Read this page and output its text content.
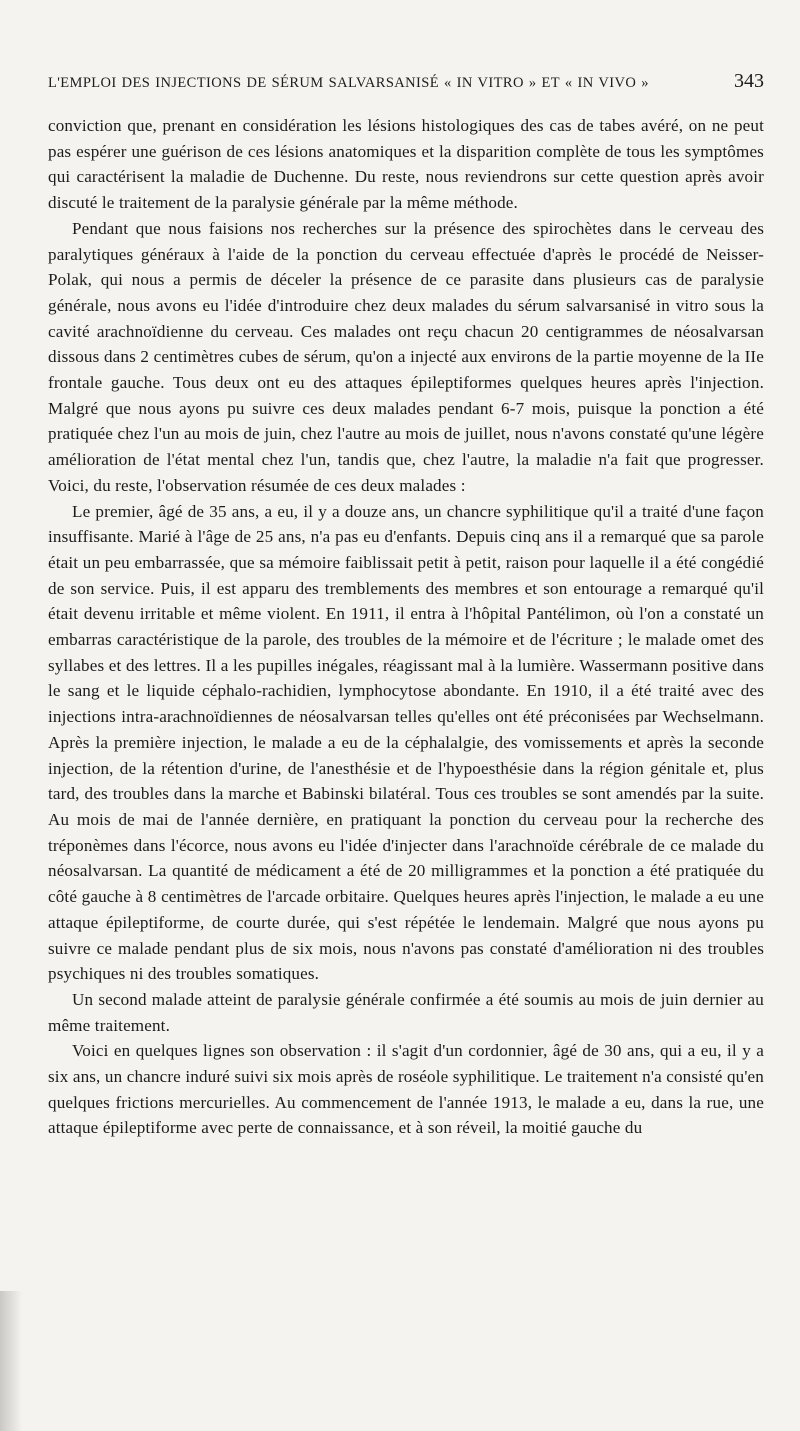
L'EMPLOI DES INJECTIONS DE SÉRUM SALVARSANISÉ « IN VITRO » ET « IN VIVO »	343

conviction que, prenant en considération les lésions histologiques des cas de tabes avéré, on ne peut pas espérer une guérison de ces lésions anatomiques et la disparition complète de tous les symptômes qui caractérisent la maladie de Duchenne. Du reste, nous reviendrons sur cette question après avoir discuté le traitement de la paralysie générale par la même méthode.

Pendant que nous faisions nos recherches sur la présence des spirochètes dans le cerveau des paralytiques généraux à l'aide de la ponction du cerveau effectuée d'après le procédé de Neisser-Polak, qui nous a permis de déceler la présence de ce parasite dans plusieurs cas de paralysie générale, nous avons eu l'idée d'introduire chez deux malades du sérum salvarsanisé in vitro sous la cavité arachnoïdienne du cerveau. Ces malades ont reçu chacun 20 centigrammes de néosalvarsan dissous dans 2 centimètres cubes de sérum, qu'on a injecté aux environs de la partie moyenne de la IIe frontale gauche. Tous deux ont eu des attaques épileptiformes quelques heures après l'injection. Malgré que nous ayons pu suivre ces deux malades pendant 6-7 mois, puisque la ponction a été pratiquée chez l'un au mois de juin, chez l'autre au mois de juillet, nous n'avons constaté qu'une légère amélioration de l'état mental chez l'un, tandis que, chez l'autre, la maladie n'a fait que progresser. Voici, du reste, l'observation résumée de ces deux malades :

Le premier, âgé de 35 ans, a eu, il y a douze ans, un chancre syphilitique qu'il a traité d'une façon insuffisante. Marié à l'âge de 25 ans, n'a pas eu d'enfants. Depuis cinq ans il a remarqué que sa parole était un peu embarrassée, que sa mémoire faiblissait petit à petit, raison pour laquelle il a été congédié de son service. Puis, il est apparu des tremblements des membres et son entourage a remarqué qu'il était devenu irritable et même violent. En 1911, il entra à l'hôpital Pantélimon, où l'on a constaté un embarras caractéristique de la parole, des troubles de la mémoire et de l'écriture ; le malade omet des syllabes et des lettres. Il a les pupilles inégales, réagissant mal à la lumière. Wassermann positive dans le sang et le liquide céphalo-rachidien, lymphocytose abondante. En 1910, il a été traité avec des injections intra-arachnoïdiennes de néosalvarsan telles qu'elles ont été préconisées par Wechselmann. Après la première injection, le malade a eu de la céphalalgie, des vomissements et après la seconde injection, de la rétention d'urine, de l'anesthésie et de l'hypoesthésie dans la région génitale et, plus tard, des troubles dans la marche et Babinski bilatéral. Tous ces troubles se sont amendés par la suite. Au mois de mai de l'année dernière, en pratiquant la ponction du cerveau pour la recherche des tréponèmes dans l'écorce, nous avons eu l'idée d'injecter dans l'arachnoïde cérébrale de ce malade du néosalvarsan. La quantité de médicament a été de 20 milligrammes et la ponction a été pratiquée du côté gauche à 8 centimètres de l'arcade orbitaire. Quelques heures après l'injection, le malade a eu une attaque épileptiforme, de courte durée, qui s'est répétée le lendemain. Malgré que nous ayons pu suivre ce malade pendant plus de six mois, nous n'avons pas constaté d'amélioration ni des troubles psychiques ni des troubles somatiques.

Un second malade atteint de paralysie générale confirmée a été soumis au mois de juin dernier au même traitement.

Voici en quelques lignes son observation : il s'agit d'un cordonnier, âgé de 30 ans, qui a eu, il y a six ans, un chancre induré suivi six mois après de roséole syphilitique. Le traitement n'a consisté qu'en quelques frictions mercurielles. Au commencement de l'année 1913, le malade a eu, dans la rue, une attaque épileptiforme avec perte de connaissance, et à son réveil, la moitié gauche du
